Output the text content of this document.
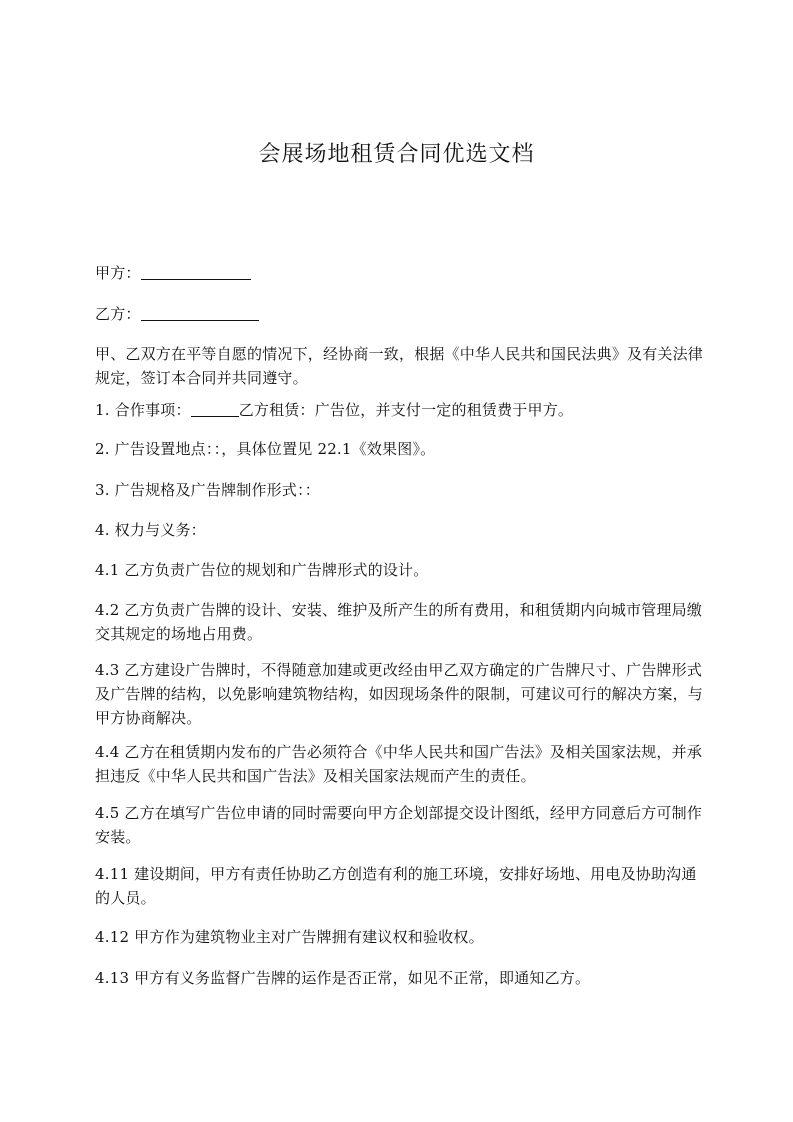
会展场地租赁合同优选文档
甲方：
乙方：
甲、乙双方在平等自愿的情况下，经协商一致，根据《中华人民共和国民法典》及有关法律规定，签订本合同并共同遵守。
1. 合作事项：	乙方租赁：广告位，并支付一定的租赁费于甲方。
2. 广告设置地点：：，具体位置见 22.1《效果图》。
3. 广告规格及广告牌制作形式：：
4. 权力与义务：
4.1 乙方负责广告位的规划和广告牌形式的设计。
4.2 乙方负责广告牌的设计、安装、维护及所产生的所有费用，和租赁期内向城市管理局缴交其规定的场地占用费。
4.3 乙方建设广告牌时，不得随意加建或更改经由甲乙双方确定的广告牌尺寸、广告牌形式及广告牌的结构，以免影响建筑物结构，如因现场条件的限制，可建议可行的解决方案，与甲方协商解决。
4.4 乙方在租赁期内发布的广告必须符合《中华人民共和国广告法》及相关国家法规，并承担违反《中华人民共和国广告法》及相关国家法规而产生的责任。
4.5 乙方在填写广告位申请的同时需要向甲方企划部提交设计图纸，经甲方同意后方可制作安装。
4.11 建设期间，甲方有责任协助乙方创造有利的施工环境，安排好场地、用电及协助沟通的人员。
4.12 甲方作为建筑物业主对广告牌拥有建议权和验收权。
4.13 甲方有义务监督广告牌的运作是否正常，如见不正常，即通知乙方。
